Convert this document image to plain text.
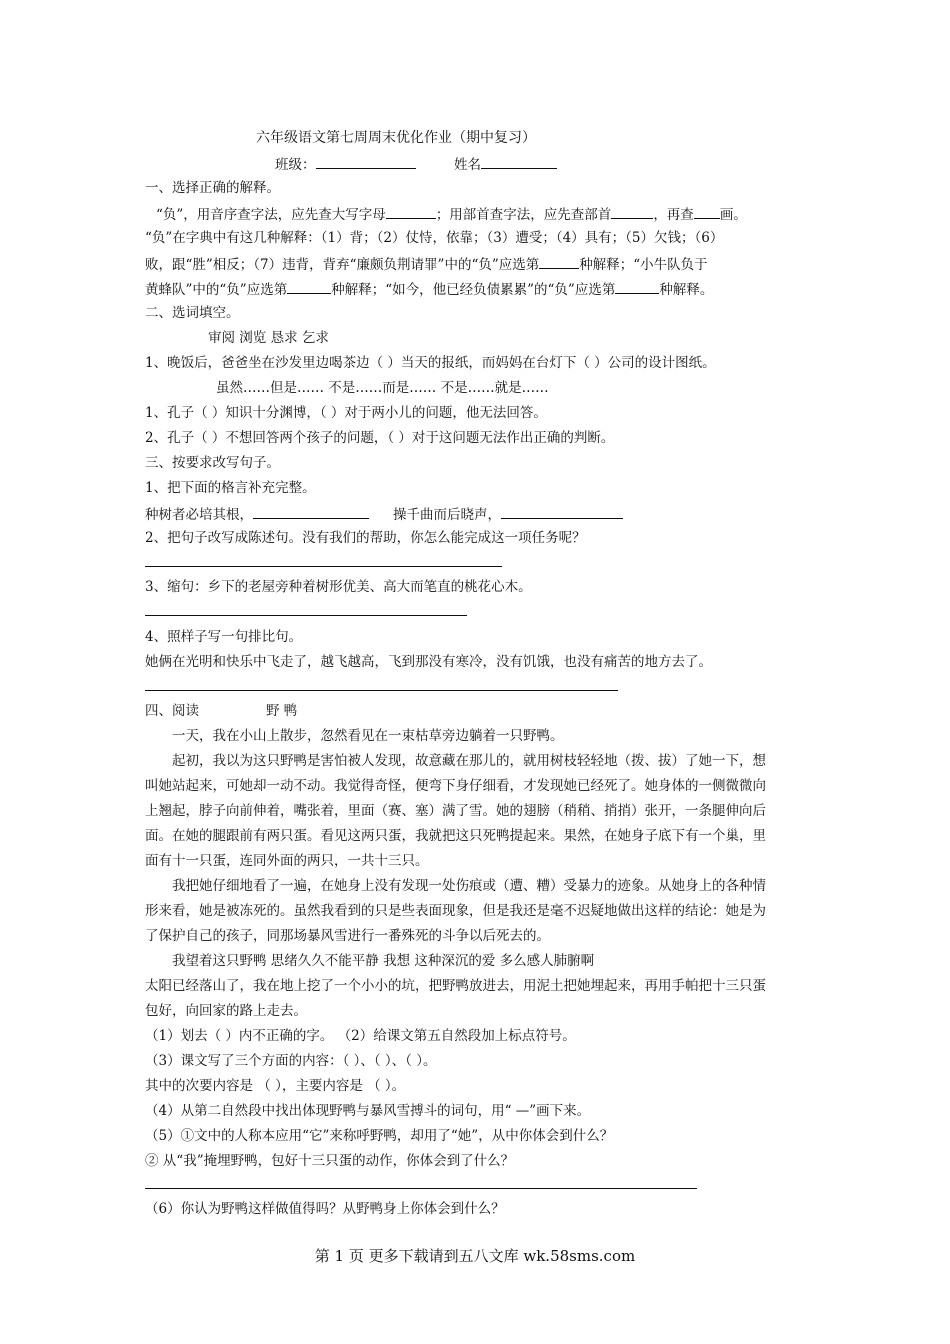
六年级语文第七周周末优化作业（期中复习）
班级：	姓名
一、选择正确的解释。
“负”，用音序查字法，应先查大写字母	；用部首查字法，应先查部首	，再查 画。
“负”在字典中有这几种解释：（1）背；（2）仗恃，依靠；（3）遭受；（4）具有；（5）欠钱；（6）
败，跟“胜”相反；（7）违背，背弃“廉颇负荆请罪”中的“负”应选第	种解释；“小牛队负于
黄蜂队”中的“负”应选第	种解释；“如今，他已经负债累累”的“负”应选第	种解释。
二、选词填空。
审阅 浏览 恳求 乞求
1、晚饭后，爸爸坐在沙发里边喝茶边（ ）当天的报纸，而妈妈在台灯下（ ）公司的设计图纸。
虽然……但是…… 不是……而是…… 不是……就是……
1、孔子（ ）知识十分渊博，（ ）对于两小儿的问题，他无法回答。
2、孔子（ ）不想回答两个孩子的问题，（ ）对于这问题无法作出正确的判断。
三、按要求改写句子。
1、把下面的格言补充完整。
种树者必培其根，	操千曲而后晓声，
2、把句子改写成陈述句。没有我们的帮助，你怎么能完成这一项任务呢？
3、缩句：乡下的老屋旁种着树形优美、高大而笔直的桃花心木。
4、照样子写一句排比句。
她俩在光明和快乐中飞走了，越飞越高，飞到那没有寒冷，没有饥饿，也没有痛苦的地方去了。
四、阅读	野 鸭
一天，我在小山上散步，忽然看见在一束枯草旁边躺着一只野鸭。
起初，我以为这只野鸭是害怕被人发现，故意藏在那儿的，就用树枝轻轻地（拨、拔）了她一下，想
叫她站起来，可她却一动不动。我觉得奇怪，便弯下身仔细看，才发现她已经死了。她身体的一侧微微向
上翘起，脖子向前伸着，嘴张着，里面（赛、塞）满了雪。她的翅膀（稍稍、捎捎）张开，一条腿伸向后
面。在她的腿跟前有两只蛋。看见这两只蛋，我就把这只死鸭提起来。果然，在她身子底下有一个巢，里
面有十一只蛋，连同外面的两只，一共十三只。
我把她仔细地看了一遍，在她身上没有发现一处伤痕或（遭、糟）受暴力的迹象。从她身上的各种情
形来看，她是被冻死的。虽然我看到的只是些表面现象，但是我还是毫不迟疑地做出这样的结论：她是为
了保护自己的孩子，同那场暴风雪进行一番殊死的斗争以后死去的。
我望着这只野鸭 思绪久久不能平静 我想 这种深沉的爱 多么感人肺腑啊
太阳已经落山了，我在地上挖了一个小小的坑，把野鸭放进去，用泥土把她埋起来，再用手帕把十三只蛋
包好，向回家的路上走去。
（1）划去（ ）内不正确的字。 （2）给课文第五自然段加上标点符号。
（3）课文写了三个方面的内容：（ ）、（ ）、（ ）。
其中的次要内容是 （ ），主要内容是 （ ）。
（4）从第二自然段中找出体现野鸭与暴风雪搏斗的词句，用“ —”画下来。
（5）①文中的人称本应用“它”来称呼野鸭，却用了“她”，从中你体会到什么？
② 从“我”掩埋野鸭，包好十三只蛋的动作，你体会到了什么？
（6）你认为野鸭这样做值得吗？从野鸭身上你体会到什么？
第 1 页 更多下载请到五八文库 wk.58sms.com
